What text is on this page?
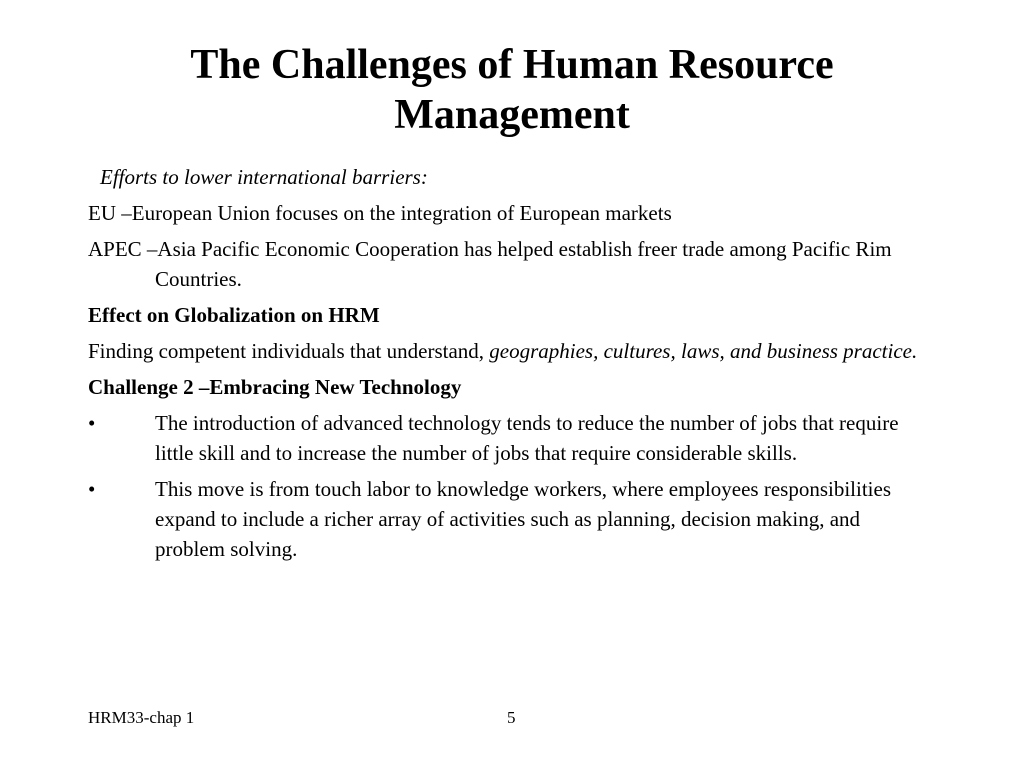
The Challenges of Human Resource
Management

Efforts to lower international barriers:

EU –European Union focuses on the integration of European markets

APEC –Asia Pacific Economic Cooperation has helped establish freer trade among Pacific Rim Countries.

Effect on Globalization on HRM

Finding competent individuals that understand, geographies, cultures, laws, and business practice.

Challenge 2 –Embracing New Technology

•	The introduction of advanced technology tends to reduce the number of jobs that require little skill and to increase the number of jobs that require considerable skills.
•	This move is from touch labor to knowledge workers, where employees responsibilities expand to include a richer array of activities such as planning, decision making, and problem solving.
HRM33-chap 1	5
